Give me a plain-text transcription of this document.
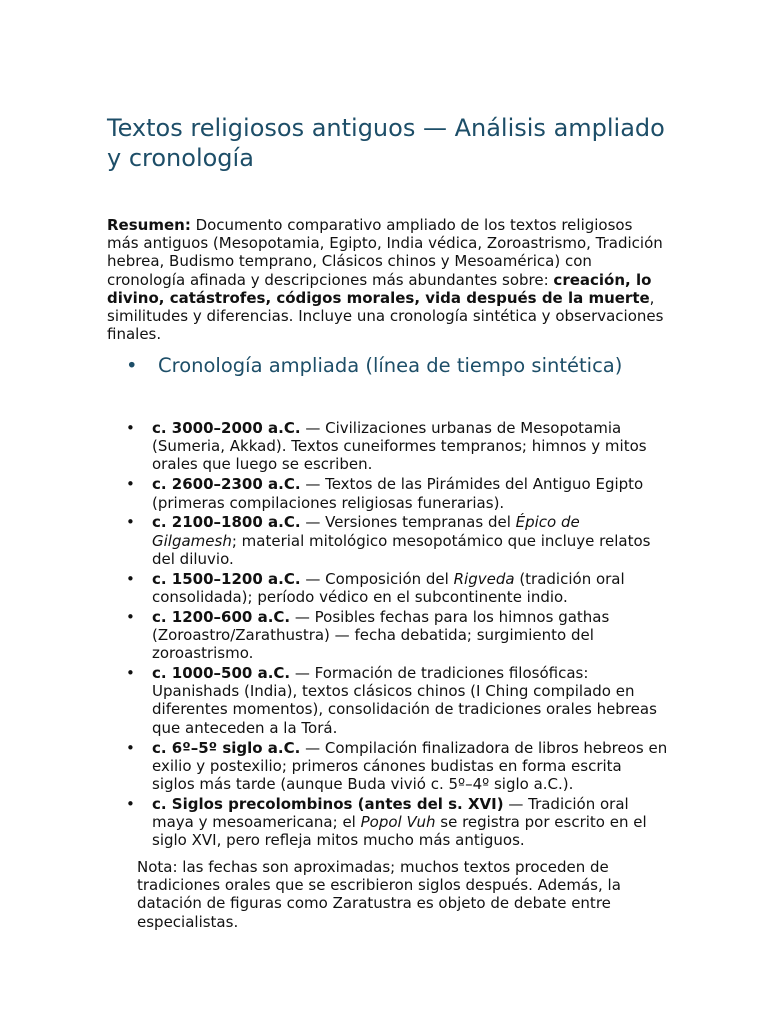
Textos religiosos antiguos — Análisis ampliado y cronología

Resumen: Documento comparativo ampliado de los textos religiosos más antiguos (Mesopotamia, Egipto, India védica, Zoroastrismo, Tradición hebrea, Budismo temprano, Clásicos chinos y Mesoamérica) con cronología afinada y descripciones más abundantes sobre: creación, lo divino, catástrofes, códigos morales, vida después de la muerte, similitudes y diferencias. Incluye una cronología sintética y observaciones finales.

• Cronología ampliada (línea de tiempo sintética)
• c. 3000–2000 a.C. — Civilizaciones urbanas de Mesopotamia (Sumeria, Akkad). Textos cuneiformes tempranos; himnos y mitos orales que luego se escriben.
• c. 2600–2300 a.C. — Textos de las Pirámides del Antiguo Egipto (primeras compilaciones religiosas funerarias).
• c. 2100–1800 a.C. — Versiones tempranas del Épico de Gilgamesh; material mitológico mesopotámico que incluye relatos del diluvio.
• c. 1500–1200 a.C. — Composición del Rigveda (tradición oral consolidada); período védico en el subcontinente indio.
• c. 1200–600 a.C. — Posibles fechas para los himnos gathas (Zoroastro/Zarathustra) — fecha debatida; surgimiento del zoroastrismo.
• c. 1000–500 a.C. — Formación de tradiciones filosóficas: Upanishads (India), textos clásicos chinos (I Ching compilado en diferentes momentos), consolidación de tradiciones orales hebreas que anteceden a la Torá.
• c. 6º–5º siglo a.C. — Compilación finalizadora de libros hebreos en exilio y postexilio; primeros cánones budistas en forma escrita siglos más tarde (aunque Buda vivió c. 5º–4º siglo a.C.).
• c. Siglos precolombinos (antes del s. XVI) — Tradición oral maya y mesoamericana; el Popol Vuh se registra por escrito en el siglo XVI, pero refleja mitos mucho más antiguos.

Nota: las fechas son aproximadas; muchos textos proceden de tradiciones orales que se escribieron siglos después. Además, la datación de figuras como Zaratustra es objeto de debate entre especialistas.
